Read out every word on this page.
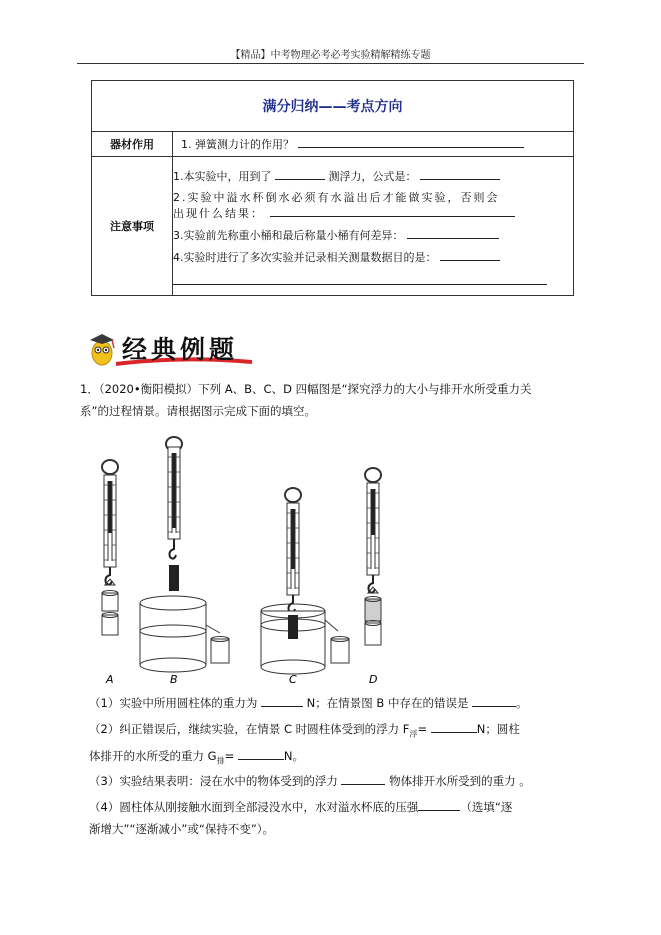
【精品】中考物理必考必考实验精解精练专题
满分归纳——考点方向	
器材作用	1. 弹簧测力计的作用？
注意事项	1.本实验中，用到了 测浮力，公式是：

2.实验中溢水杯倒水必须有水溢出后才能做实验，否则会
出现什么结果：

3.实验前先称重小桶和最后称量小桶有何差异：

4.实验时进行了多次实验并记录相关测量数据目的是：

经典例题
1．（2020•衡阳模拟）下列 A、B、C、D 四幅图是“探究浮力的大小与排开水所受重力关
系”的过程情景。请根据图示完成下面的填空。
A	B	C	D
（1）实验中所用圆柱体的重力为	N；在情景图 B 中存在的错误是	。
（2）纠正错误后，继续实验，在情景 C 时圆柱体受到的浮力 $F_浮=$	N；圆柱
体排开的水所受的重力 $G_排=$	N。
（3）实验结果表明：浸在水中的物体受到的浮力	物体排开水所受到的重力 。
（4）圆柱体从刚接触水面到全部浸没水中，水对溢水杯底的压强	（选填“逐
渐增大”“逐渐减小”或“保持不变”）。
